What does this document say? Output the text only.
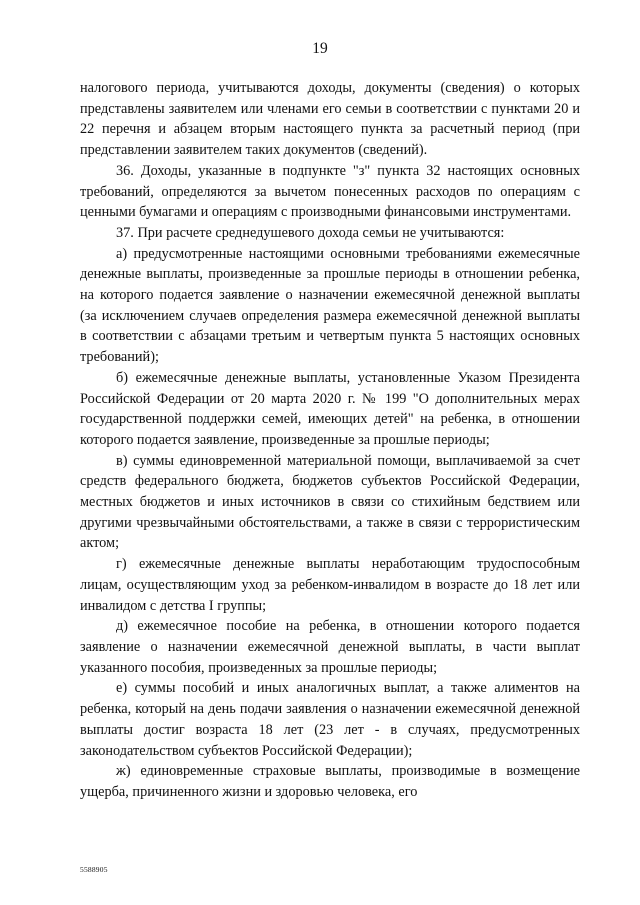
19

налогового периода, учитываются доходы, документы (сведения) о которых представлены заявителем или членами его семьи в соответствии с пунктами 20 и 22 перечня и абзацем вторым настоящего пункта за расчетный период (при представлении заявителем таких документов (сведений).

36. Доходы, указанные в подпункте "з" пункта 32 настоящих основных требований, определяются за вычетом понесенных расходов по операциям с ценными бумагами и операциям с производными финансовыми инструментами.

37. При расчете среднедушевого дохода семьи не учитываются:

а) предусмотренные настоящими основными требованиями ежемесячные денежные выплаты, произведенные за прошлые периоды в отношении ребенка, на которого подается заявление о назначении ежемесячной денежной выплаты (за исключением случаев определения размера ежемесячной денежной выплаты в соответствии с абзацами третьим и четвертым пункта 5 настоящих основных требований);

б) ежемесячные денежные выплаты, установленные Указом Президента Российской Федерации от 20 марта 2020 г. № 199 "О дополнительных мерах государственной поддержки семей, имеющих детей" на ребенка, в отношении которого подается заявление, произведенные за прошлые периоды;

в) суммы единовременной материальной помощи, выплачиваемой за счет средств федерального бюджета, бюджетов субъектов Российской Федерации, местных бюджетов и иных источников в связи со стихийным бедствием или другими чрезвычайными обстоятельствами, а также в связи с террористическим актом;

г) ежемесячные денежные выплаты неработающим трудоспособным лицам, осуществляющим уход за ребенком-инвалидом в возрасте до 18 лет или инвалидом с детства I группы;

д) ежемесячное пособие на ребенка, в отношении которого подается заявление о назначении ежемесячной денежной выплаты, в части выплат указанного пособия, произведенных за прошлые периоды;

е) суммы пособий и иных аналогичных выплат, а также алиментов на ребенка, который на день подачи заявления о назначении ежемесячной денежной выплаты достиг возраста 18 лет (23 лет - в случаях, предусмотренных законодательством субъектов Российской Федерации);

ж) единовременные страховые выплаты, производимые в возмещение ущерба, причиненного жизни и здоровью человека, его

5588905
